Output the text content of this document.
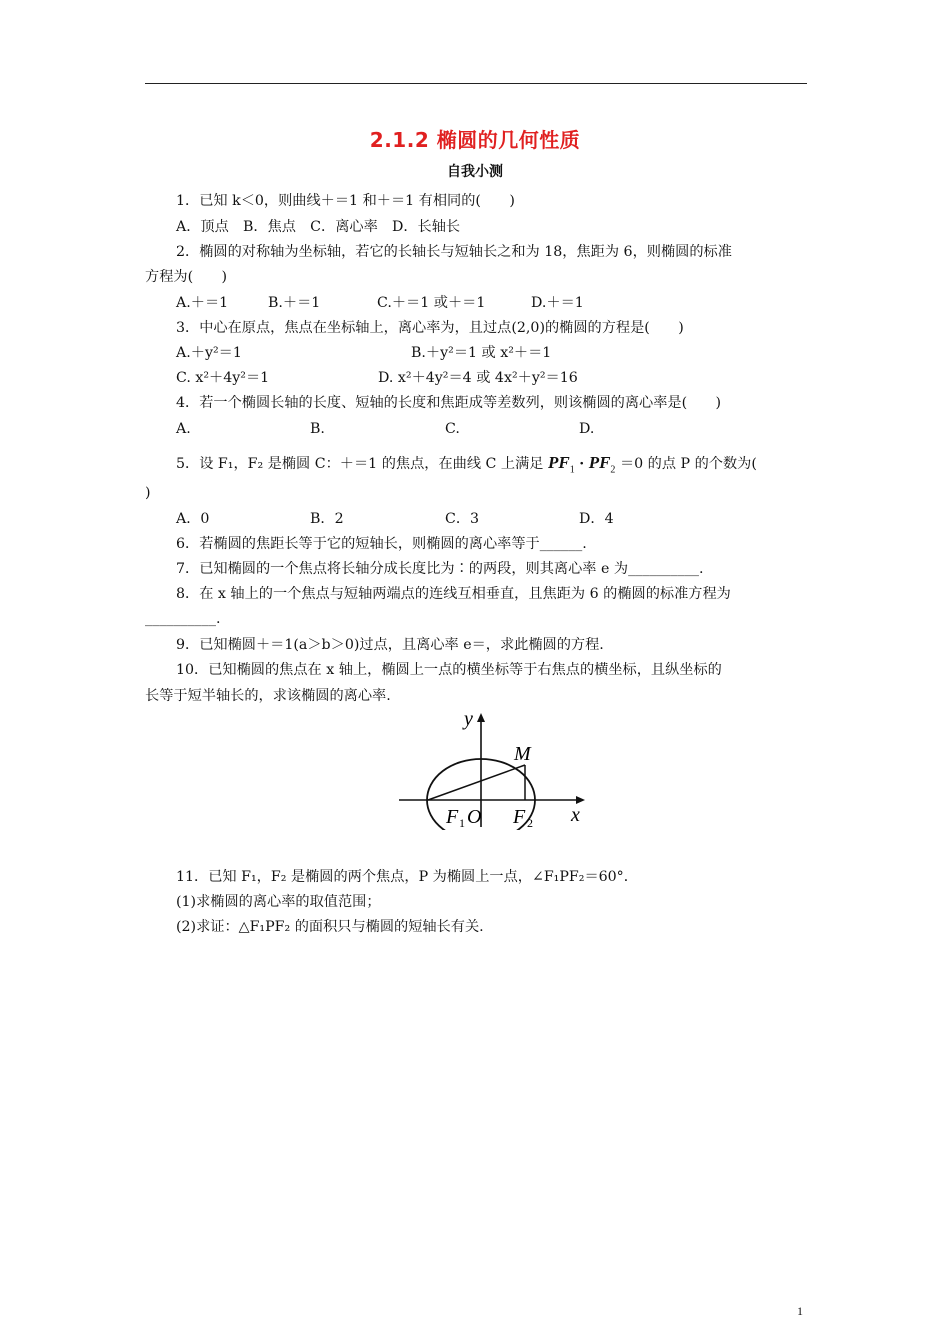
2.1.2 椭圆的几何性质
自我小测
1．已知 k＜0，则曲线＋＝1 和＋＝1 有相同的(　　)
A．顶点　B．焦点　C．离心率　D．长轴长
2．椭圆的对称轴为坐标轴，若它的长轴长与短轴长之和为 18，焦距为 6，则椭圆的标准
方程为(　　)
A.＋＝1	B.＋＝1	C.＋＝1 或＋＝1	D.＋＝1
3．中心在原点，焦点在坐标轴上，离心率为，且过点(2,0)的椭圆的方程是(　　)
A.＋y²＝1	B.＋y²＝1 或 x²＋＝1
C. x²＋4y²＝1	D. x²＋4y²＝4 或 4x²＋y²＝16
4．若一个椭圆长轴的长度、短轴的长度和焦距成等差数列，则该椭圆的离心率是(　　)
A.	B.	C.	D.
5．设 F₁，F₂ 是椭圆 C：＋＝1 的焦点，在曲线 C 上满足 $PF_1 \cdot PF_2 =0$ 的点 P 的个数为(
)
A．0	B．2	C．3	D．4
6．若椭圆的焦距长等于它的短轴长，则椭圆的离心率等于______.
7．已知椭圆的一个焦点将长轴分成长度比为∶的两段，则其离心率 e 为__________.
8．在 x 轴上的一个焦点与短轴两端点的连线互相垂直，且焦距为 6 的椭圆的标准方程为
__________.
9．已知椭圆＋＝1(a＞b＞0)过点，且离心率 e＝，求此椭圆的方程.
10．已知椭圆的焦点在 x 轴上，椭圆上一点的横坐标等于右焦点的横坐标，且纵坐标的
长等于短半轴长的，求该椭圆的离心率.
y
M
x
F 1 O F 2
11．已知 F₁，F₂ 是椭圆的两个焦点，P 为椭圆上一点，∠F₁PF₂＝60°．
(1)求椭圆的离心率的取值范围；
(2)求证：△F₁PF₂ 的面积只与椭圆的短轴长有关.
1
